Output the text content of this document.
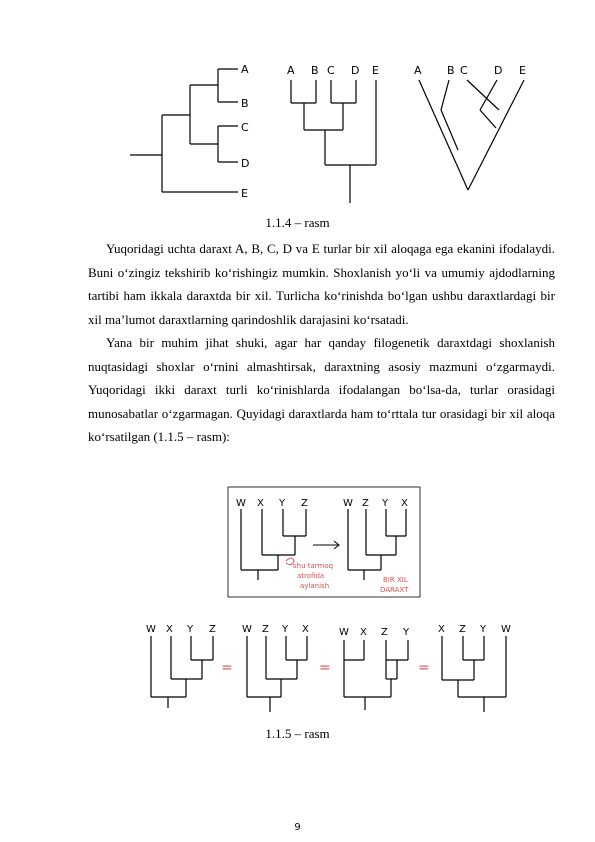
A
B
C
D
E
A B C D E	A B C D E
W X Y Z
shu tarmoq
atrofida
aylanish
W Z Y X
BIR XIL
DARAXT
W X Y Z
=
W Z Y X
=
W X Z Y
=
X Z Y W
1.1.4 – rasm

Yuqoridagi uchta daraxt A, B, C, D va E turlar bir xil aloqaga ega ekanini ifodalaydi. Buni o‘zingiz tekshirib ko‘rishingiz mumkin. Shoxlanish yo‘li va umumiy ajdodlarning tartibi ham ikkala daraxtda bir xil. Turlicha ko‘rinishda bo‘lgan ushbu daraxtlardagi bir xil ma’lumot daraxtlarning qarindoshlik darajasini ko‘rsatadi.

Yana bir muhim jihat shuki, agar har qanday filogenetik daraxtdagi shoxlanish nuqtasidagi shoxlar o‘rnini almashtirsak, daraxtning asosiy mazmuni o‘zgarmaydi. Yuqoridagi ikki daraxt turli ko‘rinishlarda ifodalangan bo‘lsa-da, turlar orasidagi munosabatlar o‘zgarmagan. Quyidagi daraxtlarda ham to‘rttala tur orasidagi bir xil aloqa ko‘rsatilgan (1.1.5 – rasm):

1.1.5 – rasm
9
